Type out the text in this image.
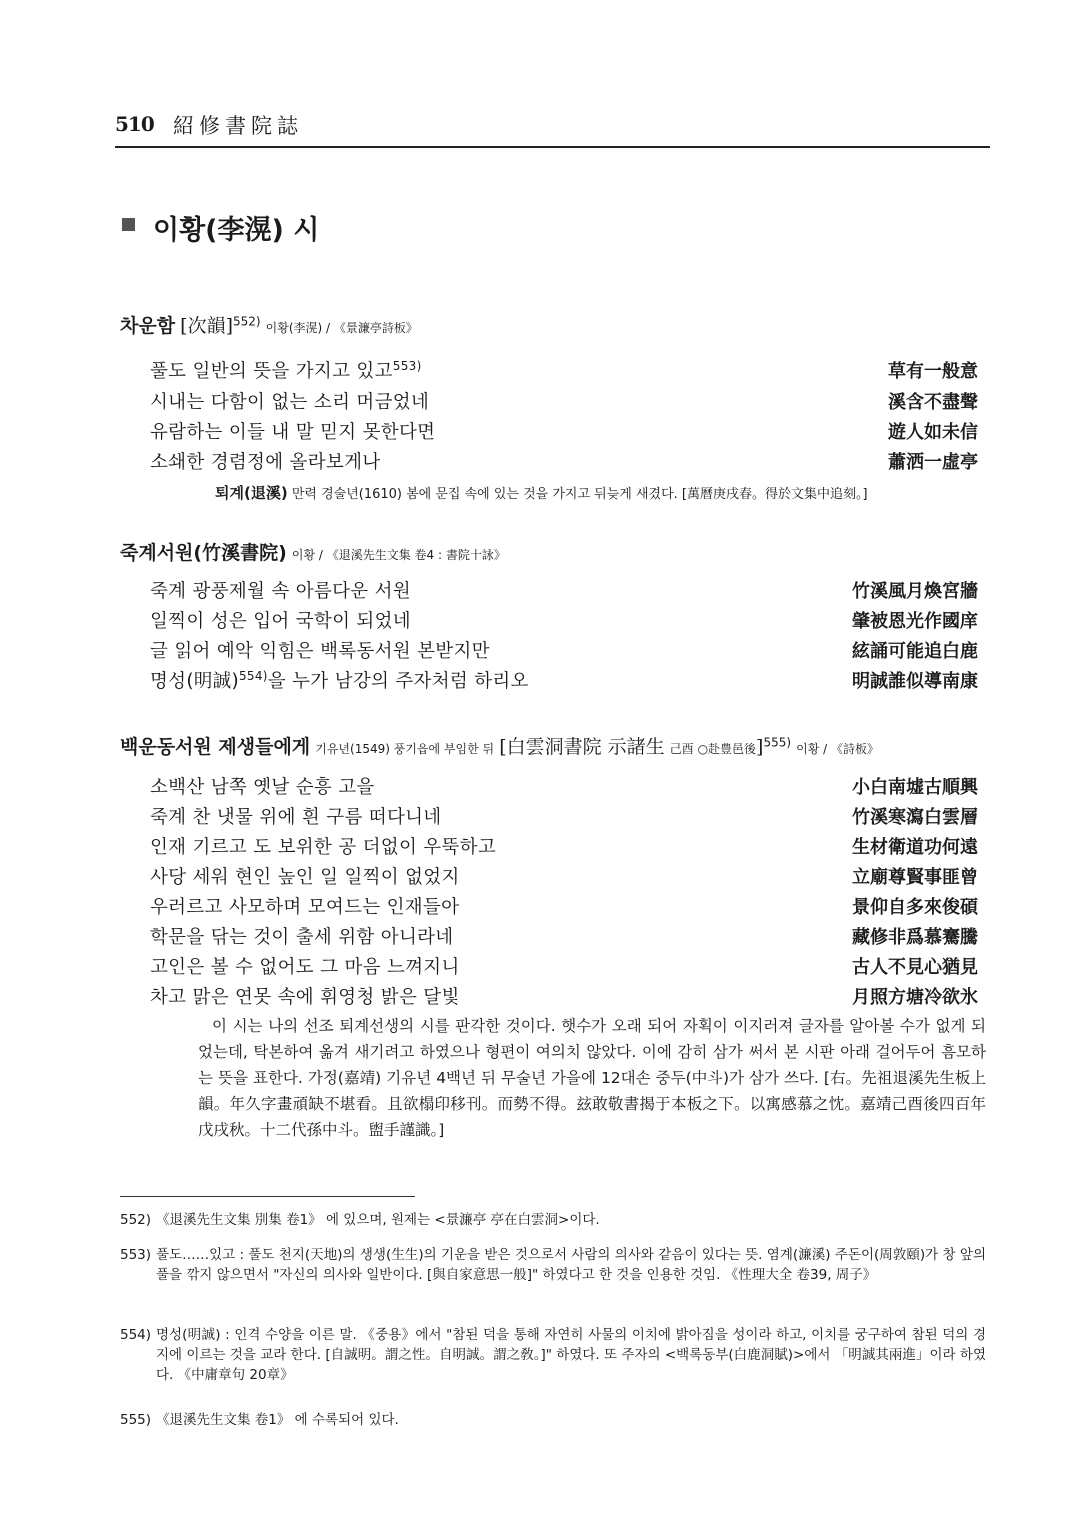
510 紹修書院誌
이황(李滉) 시
차운함 [次韻]$^{552)}$ 이황(李滉) / 《景濂亭詩板》
풀도 일반의 뜻을 가지고 있고$^{553)}$
시내는 다함이 없는 소리 머금었네
유람하는 이들 내 말 믿지 못한다면
소쇄한 경렴정에 올라보게나
草有一般意
溪含不盡聲
遊人如未信
蕭洒一虛亭
퇴계(退溪) 만력 경술년(1610) 봄에 문집 속에 있는 것을 가지고 뒤늦게 새겼다. [萬曆庚戌春。得於文集中追刻。]
죽계서원(竹溪書院) 이황 / 《退溪先生文集 卷4 : 書院十詠》
죽계 광풍제월 속 아름다운 서원
일찍이 성은 입어 국학이 되었네
글 읽어 예악 익힘은 백록동서원 본받지만
명성(明誠)$^{554)}$을 누가 남강의 주자처럼 하리오
竹溪風月煥宮牆
肇被恩光作國庠
絃誦可能追白鹿
明誠誰似導南康
백운동서원 제생들에게 기유년(1549) 풍기읍에 부임한 뒤 [白雲洞書院 示諸生 己酉 ○赴豊邑後]$^{555)}$ 이황 / 《詩板》
소백산 남쪽 옛날 순흥 고을
죽계 찬 냇물 위에 흰 구름 떠다니네
인재 기르고 도 보위한 공 더없이 우뚝하고
사당 세워 현인 높인 일 일찍이 없었지
우러르고 사모하며 모여드는 인재들아
학문을 닦는 것이 출세 위함 아니라네
고인은 볼 수 없어도 그 마음 느껴지니
차고 맑은 연못 속에 휘영청 밝은 달빛
小白南墟古順興
竹溪寒瀉白雲層
生材衛道功何遠
立廟尊賢事匪曾
景仰自多來俊碩
藏修非爲慕騫騰
古人不見心猶見
月照方塘冷欲氷
이 시는 나의 선조 퇴계선생의 시를 판각한 것이다. 햇수가 오래 되어 자획이 이지러져 글자를 알아볼 수가 없게 되었는데, 탁본하여 옮겨 새기려고 하였으나 형편이 여의치 않았다. 이에 감히 삼가 써서 본 시판 아래 걸어두어 흠모하는 뜻을 표한다. 가정(嘉靖) 기유년 4백년 뒤 무술년 가을에 12대손 중두(中斗)가 삼가 쓰다. [右。先祖退溪先生板上韻。年久字畫頑缺不堪看。且欲榻印移刊。而勢不得。玆敢敬書揭于本板之下。以寓感慕之忱。嘉靖己酉後四百年戊戌秋。十二代孫中斗。盥手謹識。]
552) 《退溪先生文集 別集 卷1》 에 있으며, 원제는 <景濂亭 亭在白雲洞>이다.
553) 풀도……있고 : 풀도 천지(天地)의 생생(生生)의 기운을 받은 것으로서 사람의 의사와 같음이 있다는 뜻. 염계(濂溪) 주돈이(周敦頤)가 창 앞의 풀을 깎지 않으면서 "자신의 의사와 일반이다. [與自家意思一般]" 하였다고 한 것을 인용한 것임. 《性理大全 卷39, 周子》
554) 명성(明誠) : 인격 수양을 이른 말. 《중용》에서 "참된 덕을 통해 자연히 사물의 이치에 밝아짐을 성이라 하고, 이치를 궁구하여 참된 덕의 경지에 이르는 것을 교라 한다. [自誠明。謂之性。自明誠。謂之敎。]" 하였다. 또 주자의 <백록동부(白鹿洞賦)>에서 「明誠其兩進」이라 하였다. 《中庸章句 20章》
555) 《退溪先生文集 卷1》 에 수록되어 있다.
